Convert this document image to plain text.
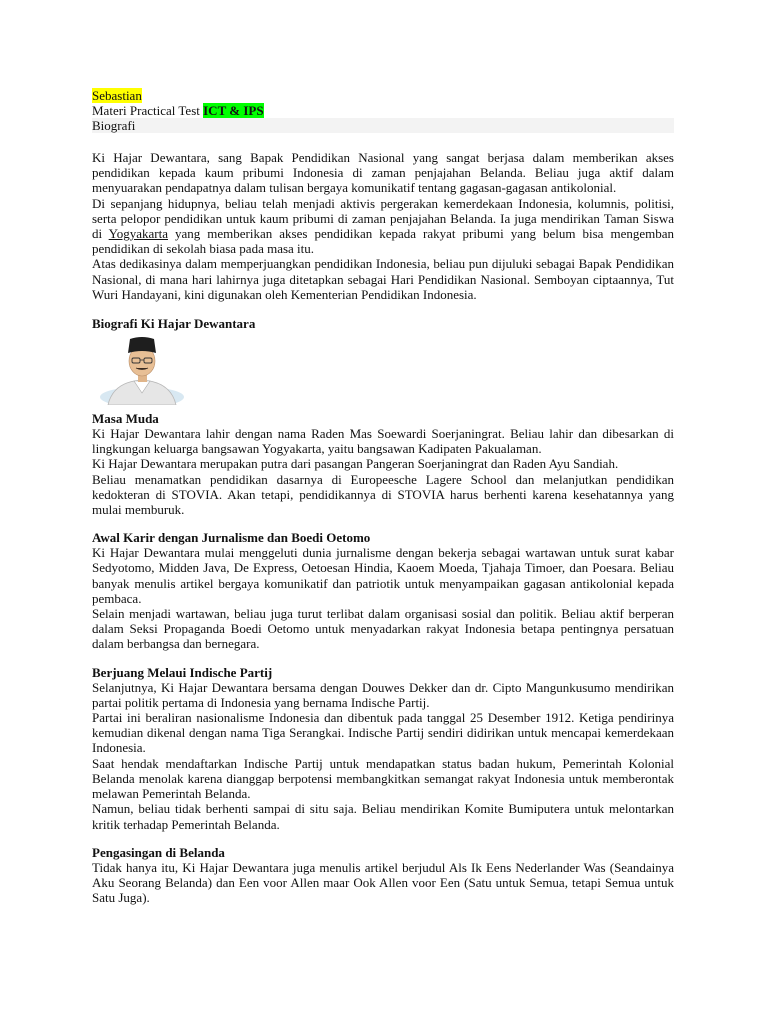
Sebastian
Materi Practical Test ICT & IPS
Biografi

Ki Hajar Dewantara, sang Bapak Pendidikan Nasional yang sangat berjasa dalam memberikan akses pendidikan kepada kaum pribumi Indonesia di zaman penjajahan Belanda. Beliau juga aktif dalam menyuarakan pendapatnya dalam tulisan bergaya komunikatif tentang gagasan-gagasan antikolonial.

Di sepanjang hidupnya, beliau telah menjadi aktivis pergerakan kemerdekaan Indonesia, kolumnis, politisi, serta pelopor pendidikan untuk kaum pribumi di zaman penjajahan Belanda. Ia juga mendirikan Taman Siswa di Yogyakarta yang memberikan akses pendidikan kepada rakyat pribumi yang belum bisa mengemban pendidikan di sekolah biasa pada masa itu.

Atas dedikasinya dalam memperjuangkan pendidikan Indonesia, beliau pun dijuluki sebagai Bapak Pendidikan Nasional, di mana hari lahirnya juga ditetapkan sebagai Hari Pendidikan Nasional. Semboyan ciptaannya, Tut Wuri Handayani, kini digunakan oleh Kementerian Pendidikan Indonesia.

Biografi Ki Hajar Dewantara
Masa Muda

Ki Hajar Dewantara lahir dengan nama Raden Mas Soewardi Soerjaningrat. Beliau lahir dan dibesarkan di lingkungan keluarga bangsawan Yogyakarta, yaitu bangsawan Kadipaten Pakualaman.

Ki Hajar Dewantara merupakan putra dari pasangan Pangeran Soerjaningrat dan Raden Ayu Sandiah.

Beliau menamatkan pendidikan dasarnya di Europeesche Lagere School dan melanjutkan pendidikan kedokteran di STOVIA. Akan tetapi, pendidikannya di STOVIA harus berhenti karena kesehatannya yang mulai memburuk.

Awal Karir dengan Jurnalisme dan Boedi Oetomo

Ki Hajar Dewantara mulai menggeluti dunia jurnalisme dengan bekerja sebagai wartawan untuk surat kabar Sedyotomo, Midden Java, De Express, Oetoesan Hindia, Kaoem Moeda, Tjahaja Timoer, dan Poesara. Beliau banyak menulis artikel bergaya komunikatif dan patriotik untuk menyampaikan gagasan antikolonial kepada pembaca.

Selain menjadi wartawan, beliau juga turut terlibat dalam organisasi sosial dan politik. Beliau aktif berperan dalam Seksi Propaganda Boedi Oetomo untuk menyadarkan rakyat Indonesia betapa pentingnya persatuan dalam berbangsa dan bernegara.

Berjuang Melaui Indische Partij

Selanjutnya, Ki Hajar Dewantara bersama dengan Douwes Dekker dan dr. Cipto Mangunkusumo mendirikan partai politik pertama di Indonesia yang bernama Indische Partij.

Partai ini beraliran nasionalisme Indonesia dan dibentuk pada tanggal 25 Desember 1912. Ketiga pendirinya kemudian dikenal dengan nama Tiga Serangkai. Indische Partij sendiri didirikan untuk mencapai kemerdekaan Indonesia.

Saat hendak mendaftarkan Indische Partij untuk mendapatkan status badan hukum, Pemerintah Kolonial Belanda menolak karena dianggap berpotensi membangkitkan semangat rakyat Indonesia untuk memberontak melawan Pemerintah Belanda.

Namun, beliau tidak berhenti sampai di situ saja. Beliau mendirikan Komite Bumiputera untuk melontarkan kritik terhadap Pemerintah Belanda.

Pengasingan di Belanda

Tidak hanya itu, Ki Hajar Dewantara juga menulis artikel berjudul Als Ik Eens Nederlander Was (Seandainya Aku Seorang Belanda) dan Een voor Allen maar Ook Allen voor Een (Satu untuk Semua, tetapi Semua untuk Satu Juga).
